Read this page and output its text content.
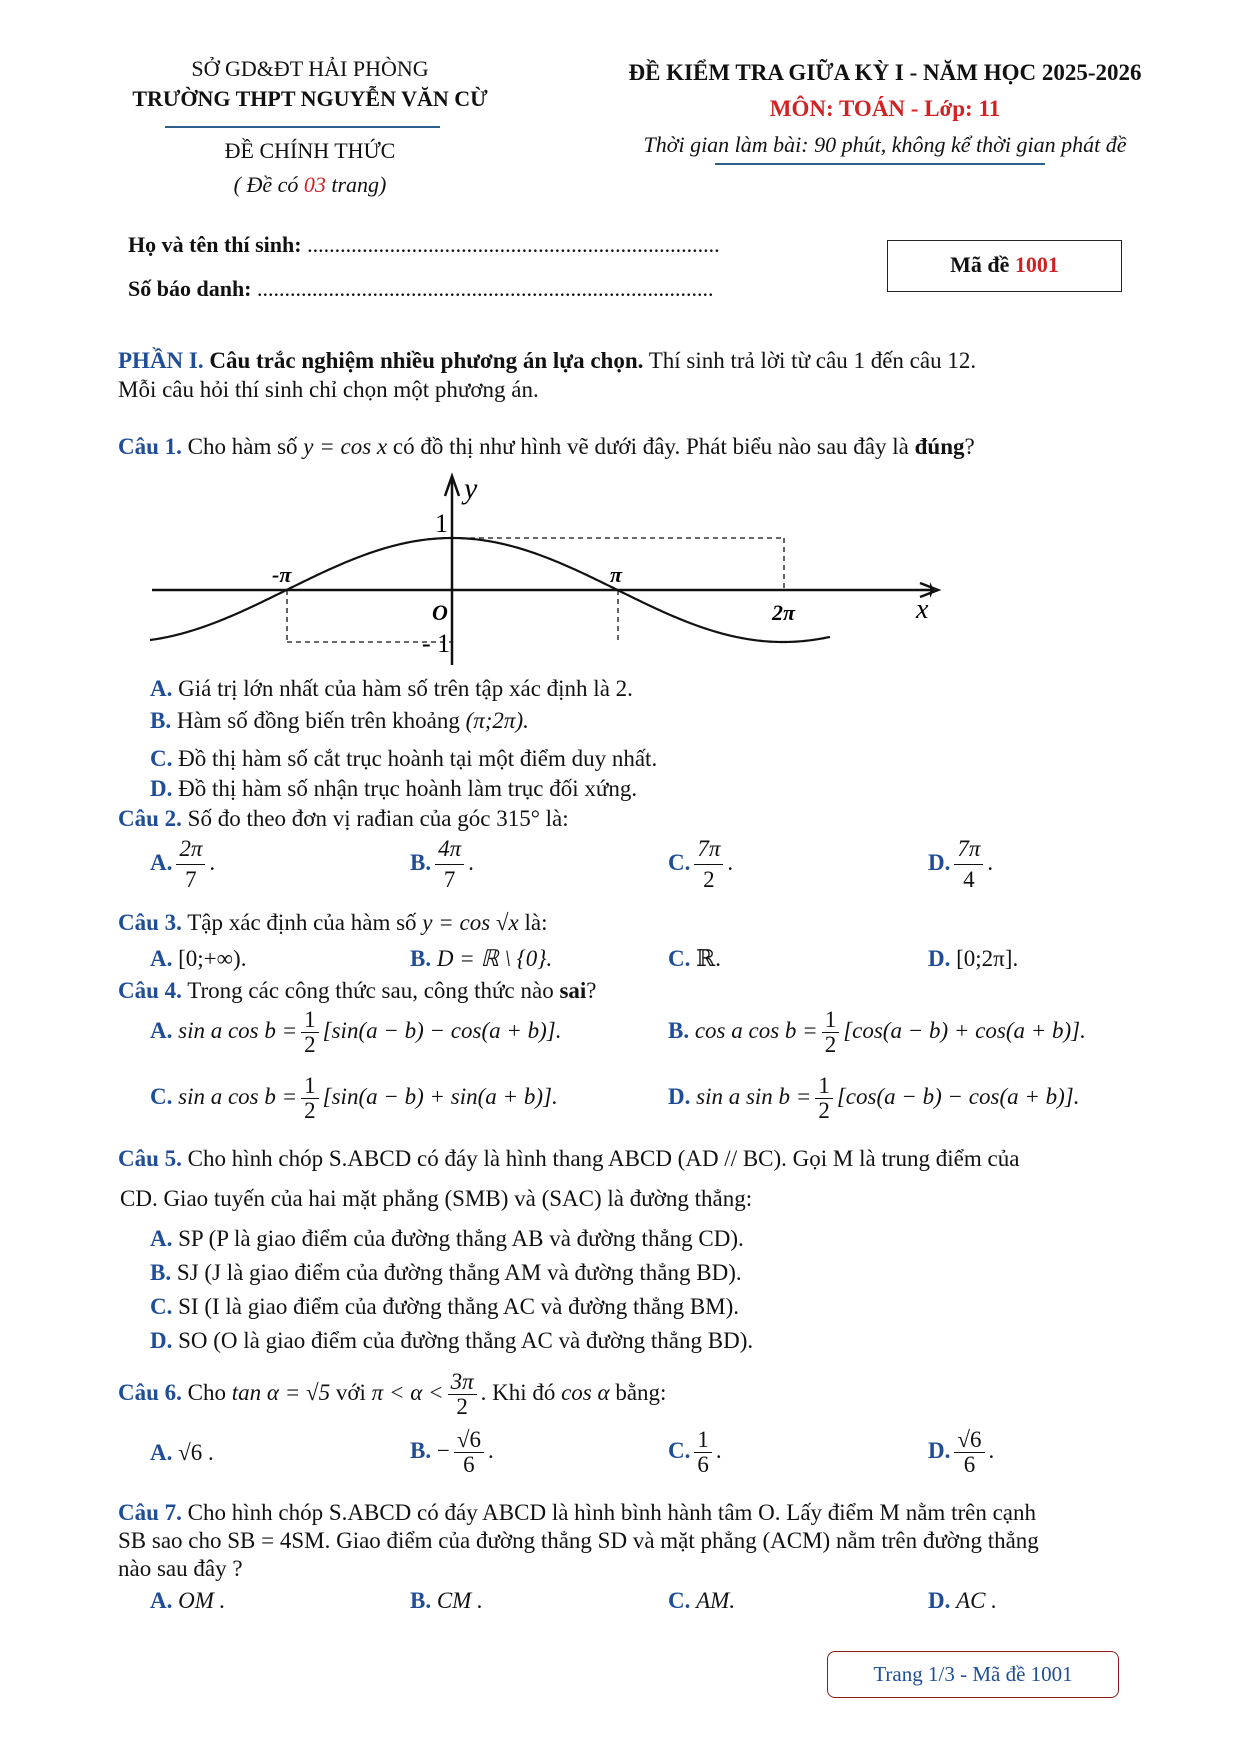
SỞ GD&ĐT HẢI PHÒNG
TRƯỜNG THPT NGUYỄN VĂN CỪ
ĐỀ CHÍNH THỨC
( Đề có 03 trang)
ĐỀ KIỂM TRA GIỮA KỲ I - NĂM HỌC 2025-2026
MÔN: TOÁN - Lớp: 11
Thời gian làm bài: 90 phút, không kể thời gian phát đề
Họ và tên thí sinh: ...........................................................................
Số báo danh: ...................................................................................
Mã đề 1001
PHẦN I. Câu trắc nghiệm nhiều phương án lựa chọn. Thí sinh trả lời từ câu 1 đến câu 12.
Mỗi câu hỏi thí sinh chỉ chọn một phương án.
Câu 1. Cho hàm số y = cos x có đồ thị như hình vẽ dưới đây. Phát biểu nào sau đây là đúng?
y
x
O
1
- 1
-π	π
2π
A. Giá trị lớn nhất của hàm số trên tập xác định là 2.
B. Hàm số đồng biến trên khoảng (π;2π).
C. Đồ thị hàm số cắt trục hoành tại một điểm duy nhất.
D. Đồ thị hàm số nhận trục hoành làm trục đối xứng.
Câu 2. Số đo theo đơn vị rađian của góc 315° là:
A. $\frac{2\pi}{7}$ .	B. $\frac{4\pi}{7}$ .	C. $\frac{7\pi}{2}$ .	D. $\frac{7\pi}{4}$ .
Câu 3. Tập xác định của hàm số y = cos √x là:
A. [0;+∞).	B. D = ℝ \ {0}.	C. ℝ.	D. [0;2π].
Câu 4. Trong các công thức sau, công thức nào sai?
A. sin a $\cos b = \frac{1}{2} [\sin(a - b) - \cos(a + b)]$.	B. cos a $\cos b = \frac{1}{2} [\cos(a - b) + \cos(a + b)]$.
C. sin a $\cos b = \frac{1}{2} [\sin(a - b) + \sin(a + b)]$.	D. sin a $\sin b = \frac{1}{2} [\cos(a - b) - \cos(a + b)]$.
Câu 5. Cho hình chóp S.ABCD có đáy là hình thang ABCD (AD // BC). Gọi M là trung điểm của
CD. Giao tuyến của hai mặt phẳng (SMB) và (SAC) là đường thẳng:
A. SP (P là giao điểm của đường thẳng AB và đường thẳng CD).
B. SJ (J là giao điểm của đường thẳng AM và đường thẳng BD).
C. SI (I là giao điểm của đường thẳng AC và đường thẳng BM).
D. SO (O là giao điểm của đường thẳng AC và đường thẳng BD).
Câu 6. Cho tan α = √5 với $\pi < \alpha < \frac{3\pi}{2}$ . Khi đó cos α bằng:
A. √6 .	B. − $\frac{√6}{6}$ .	C. $\frac{1}{6}$ .	D. $\frac{√6}{6}$ .
Câu 7. Cho hình chóp S.ABCD có đáy ABCD là hình bình hành tâm O. Lấy điểm M nằm trên cạnh
SB sao cho SB = 4SM. Giao điểm của đường thẳng SD và mặt phẳng (ACM) nằm trên đường thẳng
nào sau đây ?
A. OM .	B. CM .	C. AM.	D. AC .
Trang 1/3 - Mã đề 1001
